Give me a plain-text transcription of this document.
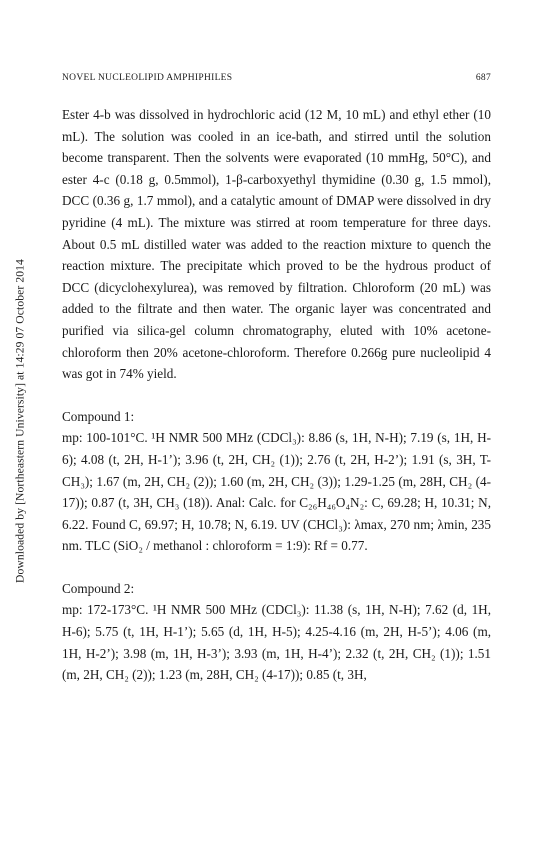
Downloaded by [Northeastern University] at 14:29 07 October 2014
NOVEL NUCLEOLIPID AMPHIPHILES	687

Ester 4-b was dissolved in hydrochloric acid (12 M, 10 mL) and ethyl ether (10 mL). The solution was cooled in an ice-bath, and stirred until the solution become transparent. Then the solvents were evaporated (10 mmHg, 50°C), and ester 4-c (0.18 g, 0.5mmol), 1-β-carboxyethyl thymidine (0.30 g, 1.5 mmol), DCC (0.36 g, 1.7 mmol), and a catalytic amount of DMAP were dissolved in dry pyridine (4 mL). The mixture was stirred at room temperature for three days. About 0.5 mL distilled water was added to the reaction mixture to quench the reaction mixture. The precipitate which proved to be the hydrous product of DCC (dicyclohexylurea), was removed by filtration. Chloroform (20 mL) was added to the filtrate and then water. The organic layer was concentrated and purified via silica-gel column chromatography, eluted with 10% acetone-chloroform then 20% acetone-chloroform. Therefore 0.266g pure nucleolipid 4 was got in 74% yield.

Compound 1:

mp: 100-101°C. ¹H NMR 500 MHz (CDCl₃): 8.86 (s, 1H, N-H); 7.19 (s, 1H, H-6); 4.08 (t, 2H, H-1’); 3.96 (t, 2H, CH₂ (1)); 2.76 (t, 2H, H-2’); 1.91 (s, 3H, T- CH₃); 1.67 (m, 2H, CH₂ (2)); 1.60 (m, 2H, CH₂ (3)); 1.29-1.25 (m, 28H, CH₂ (4-17)); 0.87 (t, 3H, CH₃ (18)). Anal: Calc. for C₂₆H₄₆O₄N₂: C, 69.28; H, 10.31; N, 6.22. Found C, 69.97; H, 10.78; N, 6.19. UV (CHCl₃): λmax, 270 nm; λmin, 235 nm. TLC (SiO₂ / methanol : chloroform = 1:9): Rf = 0.77.

Compound 2:

mp: 172-173°C. ¹H NMR 500 MHz (CDCl₃): 11.38 (s, 1H, N-H); 7.62 (d, 1H, H-6); 5.75 (t, 1H, H-1’); 5.65 (d, 1H, H-5); 4.25-4.16 (m, 2H, H-5’); 4.06 (m, 1H, H-2’); 3.98 (m, 1H, H-3’); 3.93 (m, 1H, H-4’); 2.32 (t, 2H, CH₂ (1)); 1.51 (m, 2H, CH₂ (2)); 1.23 (m, 28H, CH₂ (4-17)); 0.85 (t, 3H,
